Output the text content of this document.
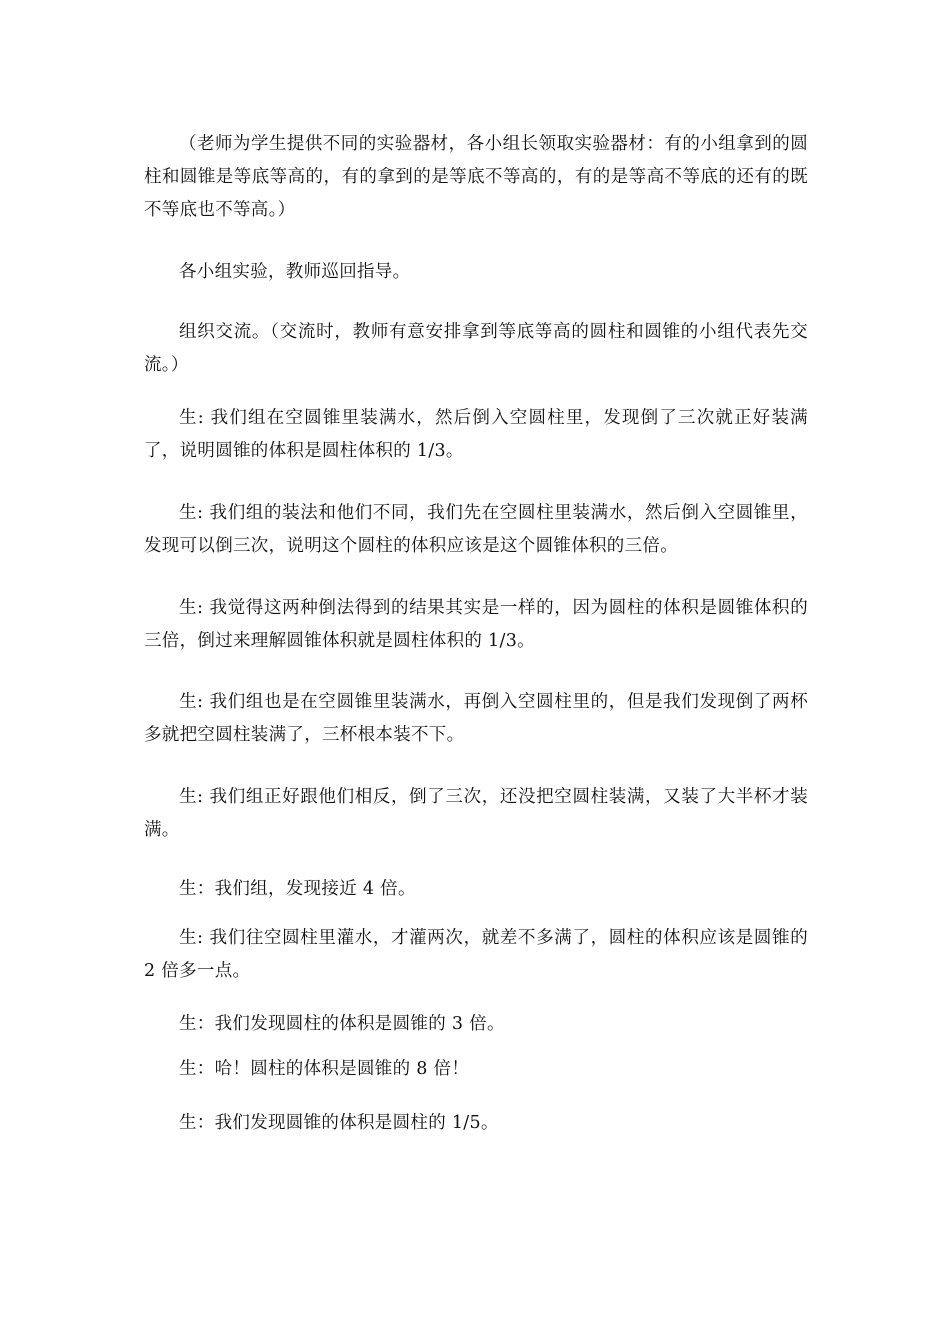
（老师为学生提供不同的实验器材，各小组长领取实验器材：有的小组拿到的圆柱和圆锥是等底等高的，有的拿到的是等底不等高的，有的是等高不等底的还有的既不等底也不等高。）

各小组实验，教师巡回指导。

组织交流。（交流时，教师有意安排拿到等底等高的圆柱和圆锥的小组代表先交流。）

生: 我们组在空圆锥里装满水，然后倒入空圆柱里，发现倒了三次就正好装满了，说明圆锥的体积是圆柱体积的 1/3。

生: 我们组的装法和他们不同，我们先在空圆柱里装满水，然后倒入空圆锥里，发现可以倒三次，说明这个圆柱的体积应该是这个圆锥体积的三倍。

生: 我觉得这两种倒法得到的结果其实是一样的，因为圆柱的体积是圆锥体积的三倍，倒过来理解圆锥体积就是圆柱体积的 1/3。

生: 我们组也是在空圆锥里装满水，再倒入空圆柱里的，但是我们发现倒了两杯多就把空圆柱装满了，三杯根本装不下。

生: 我们组正好跟他们相反，倒了三次，还没把空圆柱装满，又装了大半杯才装满。

生：我们组，发现接近 4 倍。

生: 我们往空圆柱里灌水，才灌两次，就差不多满了，圆柱的体积应该是圆锥的 2 倍多一点。

生：我们发现圆柱的体积是圆锥的 3 倍。

生：哈！圆柱的体积是圆锥的 8 倍！

生：我们发现圆锥的体积是圆柱的 1/5。
